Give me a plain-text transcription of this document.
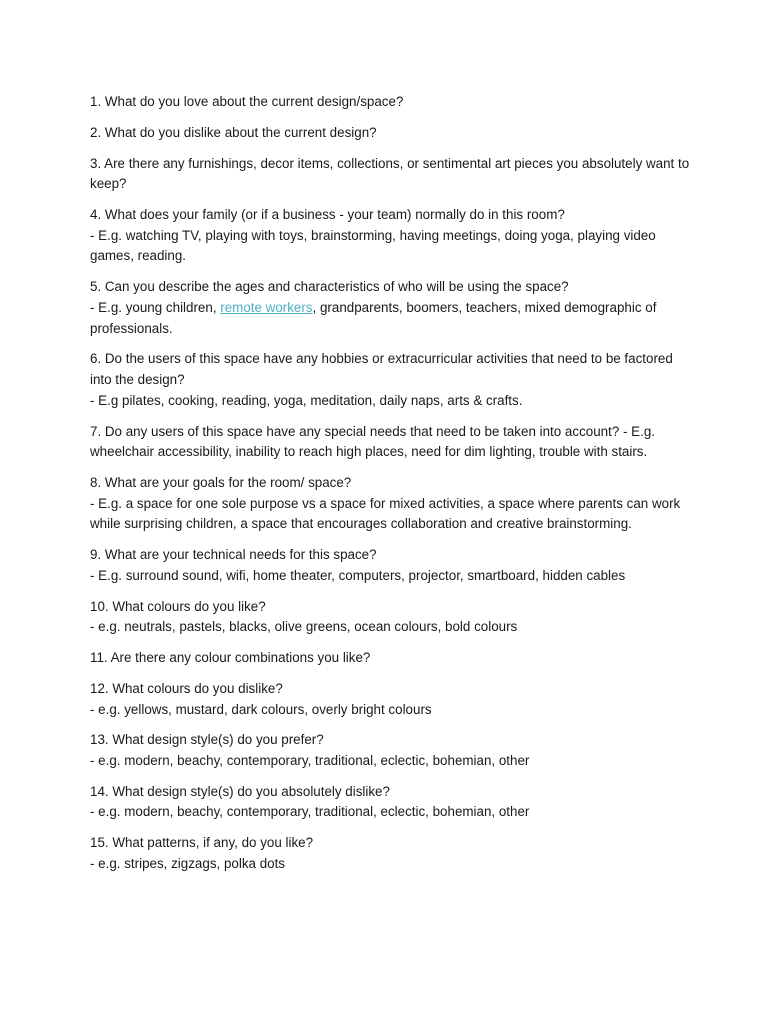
1. What do you love about the current design/space?

2. What do you dislike about the current design?

3. Are there any furnishings, decor items, collections, or sentimental art pieces you absolutely want to keep?

4. What does your family (or if a business - your team) normally do in this room?

- E.g. watching TV, playing with toys, brainstorming, having meetings, doing yoga, playing video games, reading.

5. Can you describe the ages and characteristics of who will be using the space?

- E.g. young children, remote workers, grandparents, boomers, teachers, mixed demographic of professionals.

6. Do the users of this space have any hobbies or extracurricular activities that need to be factored into the design?

- E.g pilates, cooking, reading, yoga, meditation, daily naps, arts & crafts.

7. Do any users of this space have any special needs that need to be taken into account? - E.g. wheelchair accessibility, inability to reach high places, need for dim lighting, trouble with stairs.

8. What are your goals for the room/ space?

- E.g. a space for one sole purpose vs a space for mixed activities, a space where parents can work while surprising children, a space that encourages collaboration and creative brainstorming.

9. What are your technical needs for this space?

- E.g. surround sound, wifi, home theater, computers, projector, smartboard, hidden cables

10. What colours do you like?

- e.g. neutrals, pastels, blacks, olive greens, ocean colours, bold colours

11. Are there any colour combinations you like?

12. What colours do you dislike?

- e.g. yellows, mustard, dark colours, overly bright colours

13. What design style(s) do you prefer?

- e.g. modern, beachy, contemporary, traditional, eclectic, bohemian, other

14. What design style(s) do you absolutely dislike?

- e.g. modern, beachy, contemporary, traditional, eclectic, bohemian, other

15. What patterns, if any, do you like?

- e.g. stripes, zigzags, polka dots
